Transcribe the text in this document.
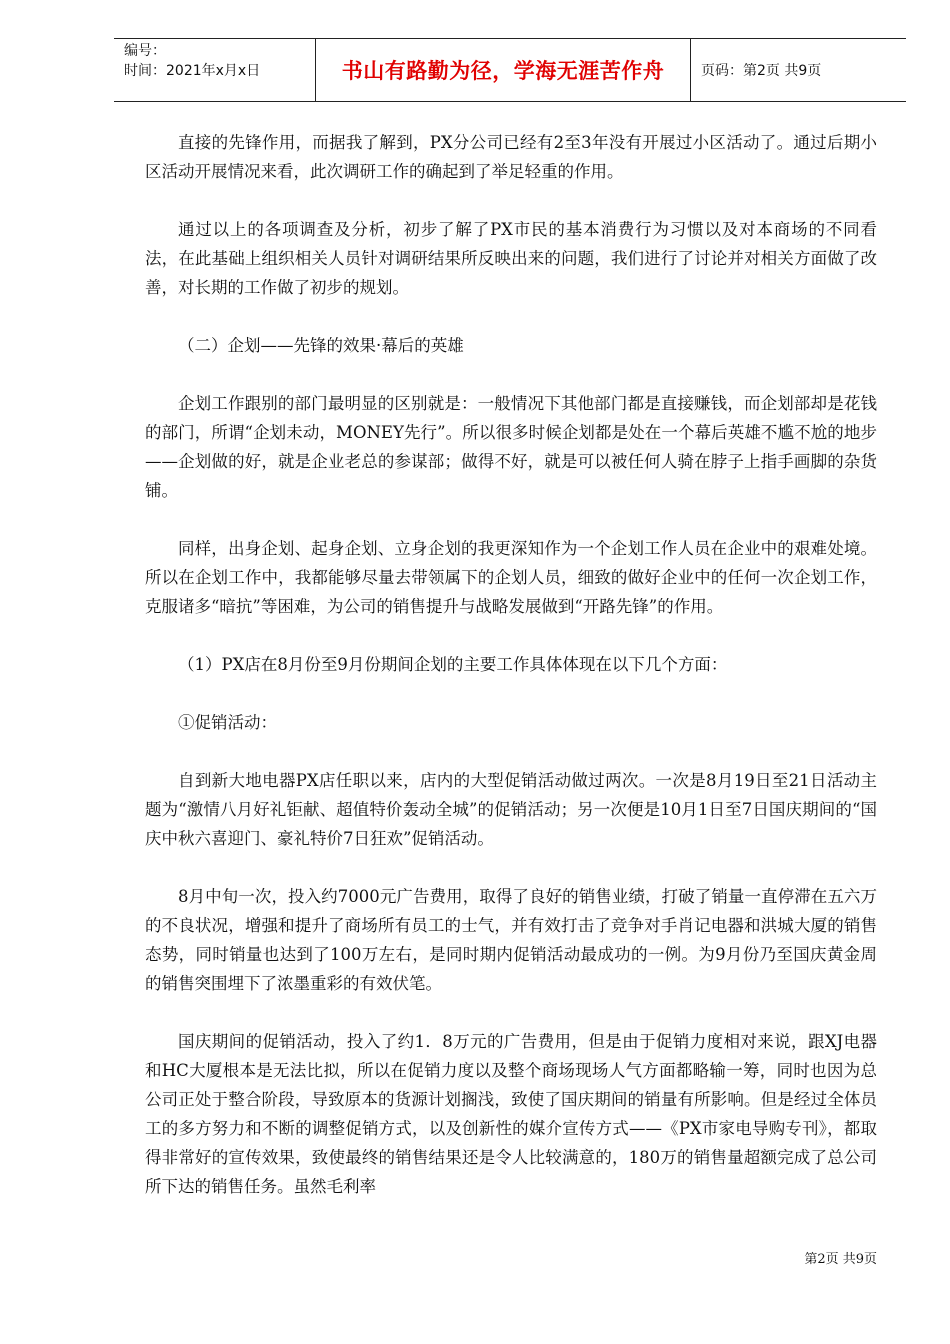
编号：
时间：2021年x月x日	书山有路勤为径，学海无涯苦作舟	页码：第2页 共9页

直接的先锋作用，而据我了解到，PX分公司已经有2至3年没有开展过小区活动了。通过后期小区活动开展情况来看，此次调研工作的确起到了举足轻重的作用。

通过以上的各项调查及分析，初步了解了PX市民的基本消费行为习惯以及对本商场的不同看法，在此基础上组织相关人员针对调研结果所反映出来的问题，我们进行了讨论并对相关方面做了改善，对长期的工作做了初步的规划。

（二）企划——先锋的效果·幕后的英雄

企划工作跟别的部门最明显的区别就是：一般情况下其他部门都是直接赚钱，而企划部却是花钱的部门，所谓“企划未动，MONEY先行”。所以很多时候企划都是处在一个幕后英雄不尴不尬的地步——企划做的好，就是企业老总的参谋部；做得不好，就是可以被任何人骑在脖子上指手画脚的杂货铺。

同样，出身企划、起身企划、立身企划的我更深知作为一个企划工作人员在企业中的艰难处境。所以在企划工作中，我都能够尽量去带领属下的企划人员，细致的做好企业中的任何一次企划工作，克服诸多“暗抗”等困难，为公司的销售提升与战略发展做到“开路先锋”的作用。

（1）PX店在8月份至9月份期间企划的主要工作具体体现在以下几个方面：

①促销活动：

自到新大地电器PX店任职以来，店内的大型促销活动做过两次。一次是8月19日至21日活动主题为“激情八月好礼钜献、超值特价轰动全城”的促销活动；另一次便是10月1日至7日国庆期间的“国庆中秋六喜迎门、豪礼特价7日狂欢”促销活动。

8月中旬一次，投入约7000元广告费用，取得了良好的销售业绩，打破了销量一直停滞在五六万的不良状况，增强和提升了商场所有员工的士气，并有效打击了竞争对手肖记电器和洪城大厦的销售态势，同时销量也达到了100万左右，是同时期内促销活动最成功的一例。为9月份乃至国庆黄金周的销售突围埋下了浓墨重彩的有效伏笔。

国庆期间的促销活动，投入了约1．8万元的广告费用，但是由于促销力度相对来说，跟XJ电器和HC大厦根本是无法比拟，所以在促销力度以及整个商场现场人气方面都略输一筹，同时也因为总公司正处于整合阶段，导致原本的货源计划搁浅，致使了国庆期间的销量有所影响。但是经过全体员工的多方努力和不断的调整促销方式，以及创新性的媒介宣传方式——《PX市家电导购专刊》，都取得非常好的宣传效果，致使最终的销售结果还是令人比较满意的，180万的销售量超额完成了总公司所下达的销售任务。虽然毛利率

第2页 共9页
